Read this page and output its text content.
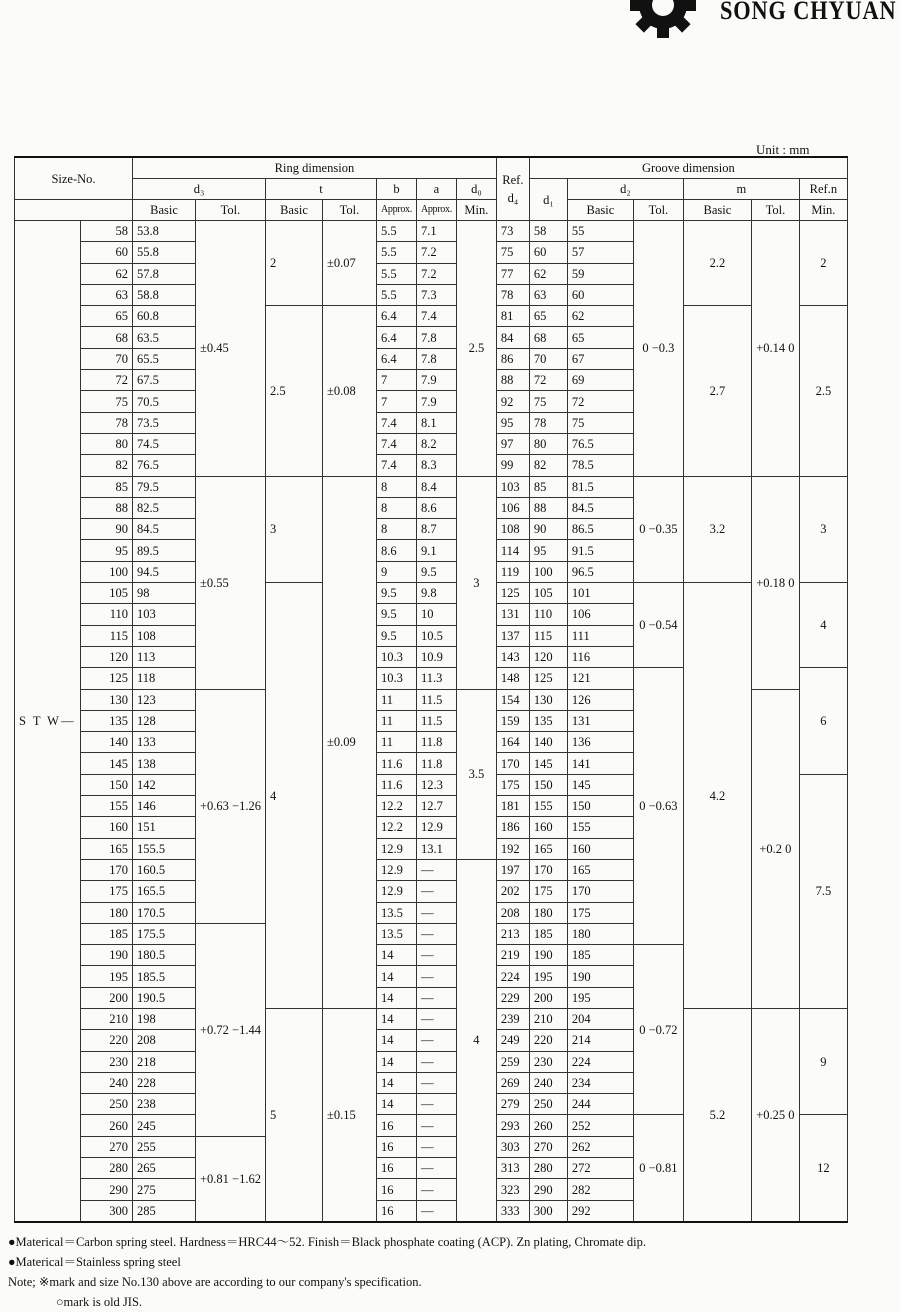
SONG CHYUAN
Unit : mm
Size-No.		Ring dimension							Ref.
d₄	Groove dimension					
		d₃		t		b	a	d₀		d₁	d₂		m		Ref.n
		Basic	Tol.	Basic	Tol.	Approx.	Approx.	Min.			Basic	Tol.	Basic	Tol.	Min.
S T W—	58	53.8	±0.45	2	±0.07	5.5	7.1	2.5	73	58	55	0 −0.3	2.2	+0.14 0	2
	60	55.8				5.5	7.2		75	60	57				
	62	57.8				5.5	7.2		77	62	59				
	63	58.8				5.5	7.3		78	63	60				
	65	60.8		2.5	±0.08	6.4	7.4		81	65	62		2.7		2.5
	68	63.5				6.4	7.8		84	68	65				
	70	65.5				6.4	7.8		86	70	67				
	72	67.5				7	7.9		88	72	69				
	75	70.5				7	7.9		92	75	72				
	78	73.5				7.4	8.1		95	78	75				
	80	74.5				7.4	8.2		97	80	76.5				
	82	76.5				7.4	8.3		99	82	78.5				
	85	79.5	±0.55	3	±0.09	8	8.4	3	103	85	81.5	0 −0.35	3.2	+0.18 0	3
	88	82.5				8	8.6		106	88	84.5				
	90	84.5				8	8.7		108	90	86.5				
	95	89.5				8.6	9.1		114	95	91.5				
	100	94.5				9	9.5		119	100	96.5				
	105	98		4		9.5	9.8		125	105	101	0 −0.54	4.2		4
	110	103				9.5	10		131	110	106				
	115	108				9.5	10.5		137	115	111				
	120	113				10.3	10.9		143	120	116				
	125	118				10.3	11.3		148	125	121	0 −0.63			6
	130	123	+0.63 −1.26			11	11.5	3.5	154	130	126			+0.2 0	
	135	128				11	11.5		159	135	131				
	140	133				11	11.8		164	140	136				
	145	138				11.6	11.8		170	145	141				
	150	142				11.6	12.3		175	150	145				7.5
	155	146				12.2	12.7		181	155	150				
	160	151				12.2	12.9		186	160	155				
	165	155.5				12.9	13.1		192	165	160				
	170	160.5				12.9	—	4	197	170	165				
	175	165.5				12.9	—		202	175	170				
	180	170.5				13.5	—		208	180	175				
	185	175.5	+0.72 −1.44			13.5	—		213	185	180				
	190	180.5				14	—		219	190	185	0 −0.72			
	195	185.5				14	—		224	195	190				
	200	190.5				14	—		229	200	195				
	210	198		5	±0.15	14	—		239	210	204		5.2	+0.25 0	9
	220	208				14	—		249	220	214				
	230	218				14	—		259	230	224				
	240	228				14	—		269	240	234				
	250	238				14	—		279	250	244				
	260	245				16	—		293	260	252	0 −0.81			12
	270	255	+0.81 −1.62			16	—		303	270	262				
	280	265				16	—		313	280	272				
	290	275				16	—		323	290	282				
	300	285				16	—		333	300	292				
●Materical＝Carbon spring steel. Hardness＝HRC44～52. Finish＝Black phosphate coating (ACP). Zn plating, Chromate dip.
●Materical＝Stainless spring steel
Note; ※mark and size No.130 above are according to our company's specification.
○mark is old JIS.
